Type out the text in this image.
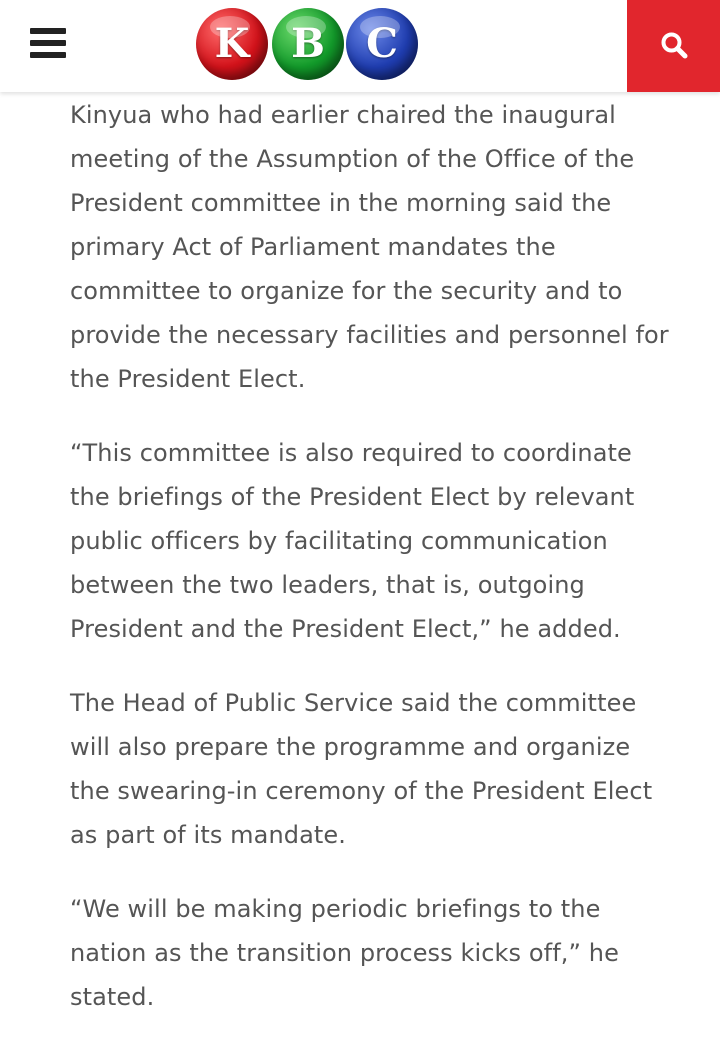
K	B	C

Kinyua who had earlier chaired the inaugural meeting of the Assumption of the Office of the President committee in the morning said the primary Act of Parliament mandates the committee to organize for the security and to provide the necessary facilities and personnel for the President Elect.

“This committee is also required to coordinate the briefings of the President Elect by relevant public officers by facilitating communication between the two leaders, that is, outgoing President and the President Elect,” he added.

The Head of Public Service said the committee will also prepare the programme and organize the swearing-in ceremony of the President Elect as part of its mandate.

“We will be making periodic briefings to the nation as the transition process kicks off,” he stated.
